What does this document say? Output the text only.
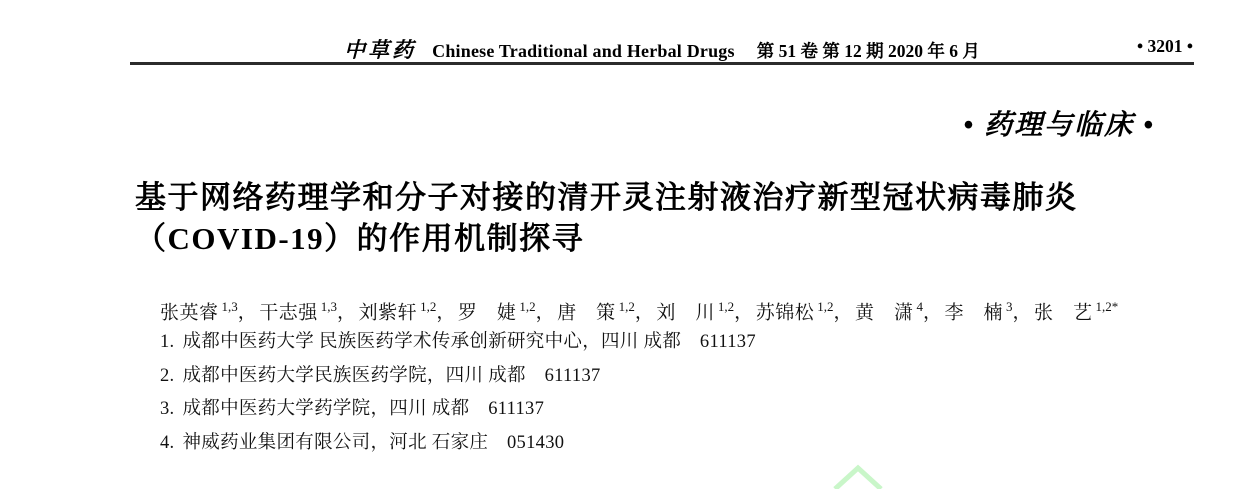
中草药 Chinese Traditional and Herbal Drugs 第 51 卷 第 12 期 2020 年 6 月	• 3201 •
• 药理与临床 •
基于网络药理学和分子对接的清开灵注射液治疗新型冠状病毒肺炎
（COVID-19）的作用机制探寻
张英睿 $^{1,3}$， 干志强 $^{1,3}$， 刘紫轩 $^{1,2}$， 罗　婕 $^{1,2}$， 唐　策 $^{1,2}$， 刘　川 $^{1,2}$， 苏锦松 $^{1,2}$， 黄　潇 $^4$， 李　楠 $^3$， 张　艺 $^{1,2*}$
1. 成都中医药大学 民族医药学术传承创新研究中心，四川 成都　611137
2. 成都中医药大学民族医药学院，四川 成都　611137
3. 成都中医药大学药学院，四川 成都　611137
4. 神威药业集团有限公司，河北 石家庄　051430
